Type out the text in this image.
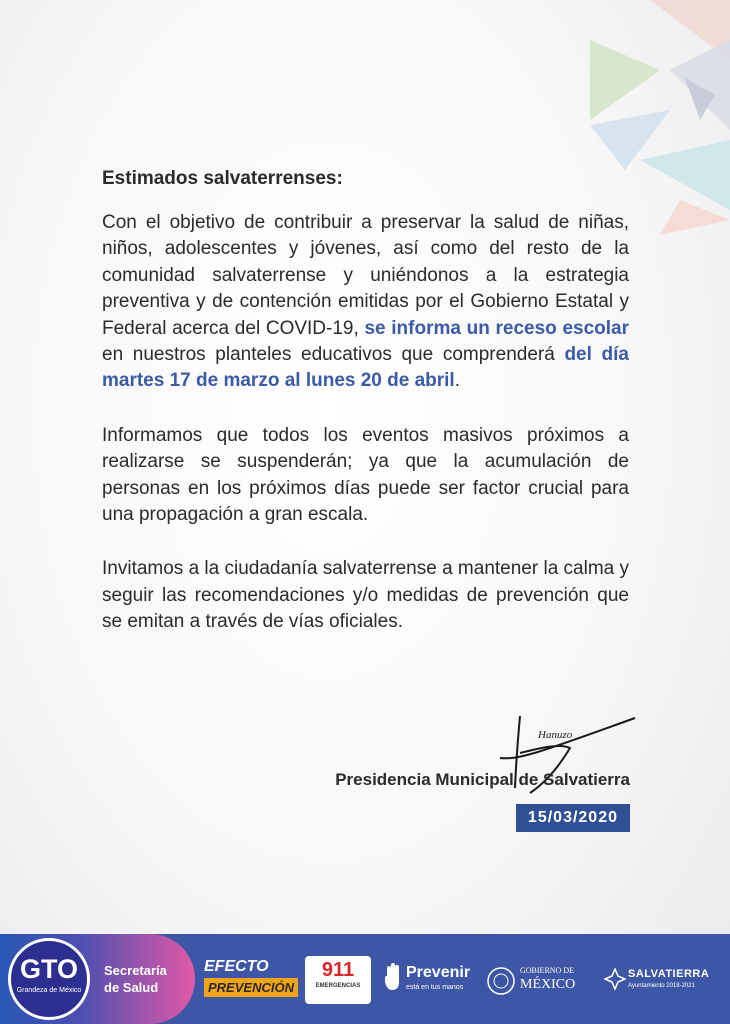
Estimados salvaterrenses:

Con el objetivo de contribuir a preservar la salud de niñas, niños, adolescentes y jóvenes, así como del resto de la comunidad salvaterrense y uniéndonos a la estrategia preventiva y de contención emitidas por el Gobierno Estatal y Federal acerca del COVID-19, se informa un receso escolar en nuestros planteles educativos que comprenderá del día martes 17 de marzo al lunes 20 de abril.

Informamos que todos los eventos masivos próximos a realizarse se suspenderán; ya que la acumulación de personas en los próximos días puede ser factor crucial para una propagación a gran escala.

Invitamos a la ciudadanía salvaterrense a mantener la calma y seguir las recomendaciones y/o medidas de prevención que se emitan a través de vías oficiales.

Hanuzo
Presidencia Municipal de Salvatierra
15/03/2020
GTO
Grandeza de México
Secretaría
de Salud
EFECTO
PREVENCIÓN
911
EMERGENCIAS
Prevenir
está en tus manos
GOBIERNO DE
MÉXICO
SALVATIERRA
Ayuntamiento 2018-2021
